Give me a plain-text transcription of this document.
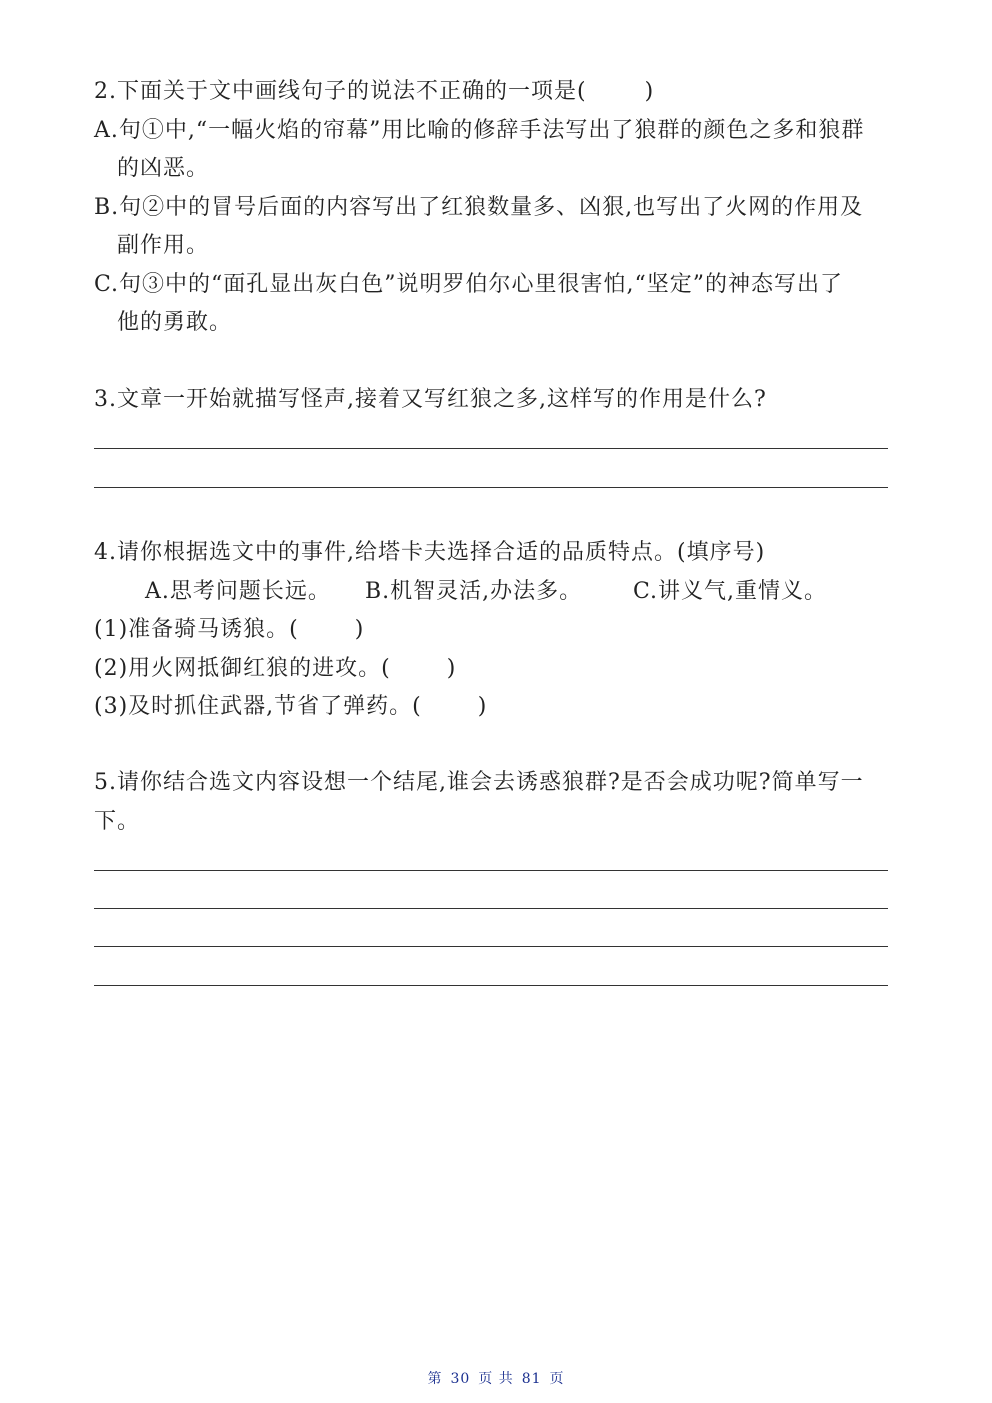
2.下面关于文中画线句子的说法不正确的一项是(	)
A.句①中,“一幅火焰的帘幕”用比喻的修辞手法写出了狼群的颜色之多和狼群
的凶恶。
B.句②中的冒号后面的内容写出了红狼数量多、凶狠,也写出了火网的作用及
副作用。
C.句③中的“面孔显出灰白色”说明罗伯尔心里很害怕,“坚定”的神态写出了
他的勇敢。
3.文章一开始就描写怪声,接着又写红狼之多,这样写的作用是什么?
4.请你根据选文中的事件,给塔卡夫选择合适的品质特点。(填序号)
A.思考问题长远。 B.机智灵活,办法多。 C.讲义气,重情义。
(1)准备骑马诱狼。(	)
(2)用火网抵御红狼的进攻。(	)
(3)及时抓住武器,节省了弹药。(	)
5.请你结合选文内容设想一个结尾,谁会去诱惑狼群?是否会成功呢?简单写一
下。
第 30 页 共 81 页
